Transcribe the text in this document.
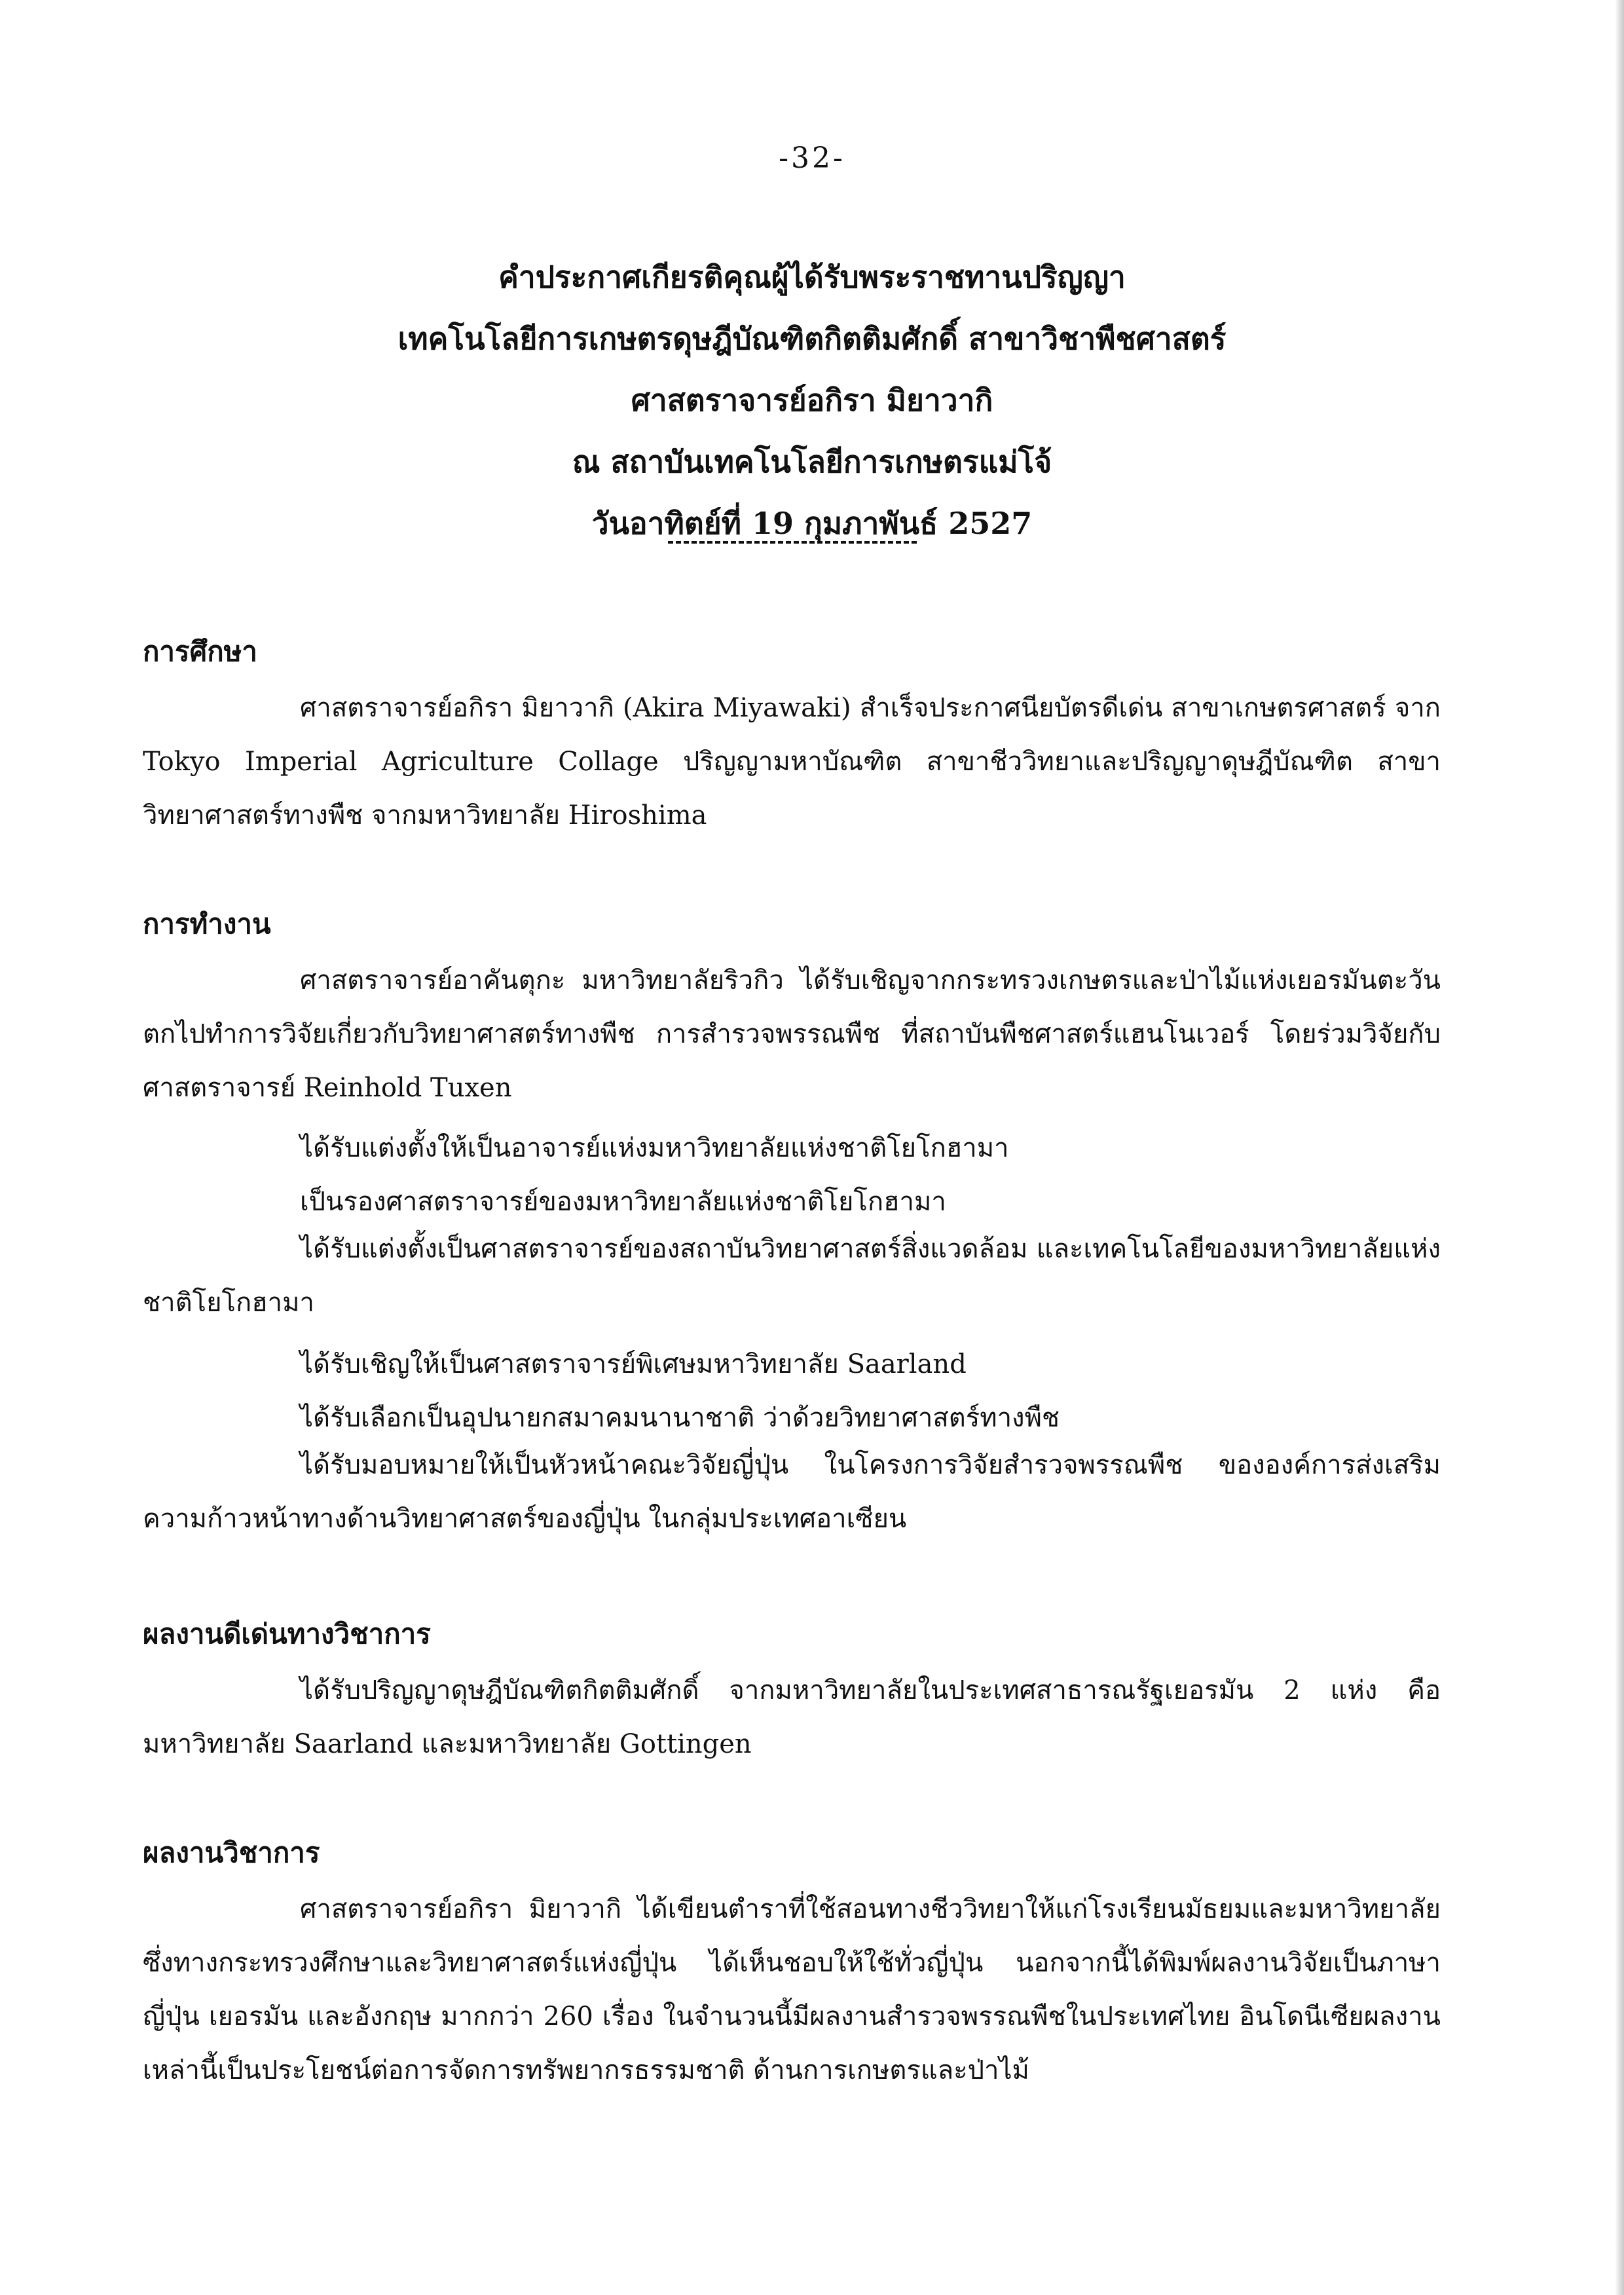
-32-
คำประกาศเกียรติคุณผู้ได้รับพระราชทานปริญญา
เทคโนโลยีการเกษตรดุษฎีบัณฑิตกิตติมศักดิ์ สาขาวิชาพืชศาสตร์
ศาสตราจารย์อกิรา มิยาวากิ
ณ สถาบันเทคโนโลยีการเกษตรแม่โจ้
วันอาทิตย์ที่ 19 กุมภาพันธ์ 2527
การศึกษา
ศาสตราจารย์อกิรา มิยาวากิ (Akira Miyawaki) สำเร็จประกาศนียบัตรดีเด่น สาขาเกษตรศาสตร์ จาก Tokyo Imperial Agriculture Collage ปริญญามหาบัณฑิต สาขาชีววิทยาและปริญญาดุษฎีบัณฑิต สาขาวิทยาศาสตร์ทางพืช จากมหาวิทยาลัย Hiroshima
การทำงาน
ศาสตราจารย์อาคันตุกะ มหาวิทยาลัยริวกิว ได้รับเชิญจากกระทรวงเกษตรและป่าไม้แห่งเยอรมันตะวันตกไปทำการวิจัยเกี่ยวกับวิทยาศาสตร์ทางพืช การสำรวจพรรณพืช ที่สถาบันพืชศาสตร์แฮนโนเวอร์ โดยร่วมวิจัยกับศาสตราจารย์ Reinhold Tuxen
ได้รับแต่งตั้งให้เป็นอาจารย์แห่งมหาวิทยาลัยแห่งชาติโยโกฮามา
เป็นรองศาสตราจารย์ของมหาวิทยาลัยแห่งชาติโยโกฮามา
ได้รับแต่งตั้งเป็นศาสตราจารย์ของสถาบันวิทยาศาสตร์สิ่งแวดล้อม และเทคโนโลยีของมหาวิทยาลัยแห่งชาติโยโกฮามา
ได้รับเชิญให้เป็นศาสตราจารย์พิเศษมหาวิทยาลัย Saarland
ได้รับเลือกเป็นอุปนายกสมาคมนานาชาติ ว่าด้วยวิทยาศาสตร์ทางพืช
ได้รับมอบหมายให้เป็นหัวหน้าคณะวิจัยญี่ปุ่น ในโครงการวิจัยสำรวจพรรณพืช ขององค์การส่งเสริมความก้าวหน้าทางด้านวิทยาศาสตร์ของญี่ปุ่น ในกลุ่มประเทศอาเซียน
ผลงานดีเด่นทางวิชาการ
ได้รับปริญญาดุษฎีบัณฑิตกิตติมศักดิ์ จากมหาวิทยาลัยในประเทศสาธารณรัฐเยอรมัน 2 แห่ง คือมหาวิทยาลัย Saarland และมหาวิทยาลัย Gottingen
ผลงานวิชาการ
ศาสตราจารย์อกิรา มิยาวากิ ได้เขียนตำราที่ใช้สอนทางชีววิทยาให้แก่โรงเรียนมัธยมและมหาวิทยาลัย ซึ่งทางกระทรวงศึกษาและวิทยาศาสตร์แห่งญี่ปุ่น ได้เห็นชอบให้ใช้ทั่วญี่ปุ่น นอกจากนี้ได้พิมพ์ผลงานวิจัยเป็นภาษาญี่ปุ่น เยอรมัน และอังกฤษ มากกว่า 260 เรื่อง ในจำนวนนี้มีผลงานสำรวจพรรณพืชในประเทศไทย อินโดนีเซียผลงานเหล่านี้เป็นประโยชน์ต่อการจัดการทรัพยากรธรรมชาติ ด้านการเกษตรและป่าไม้
